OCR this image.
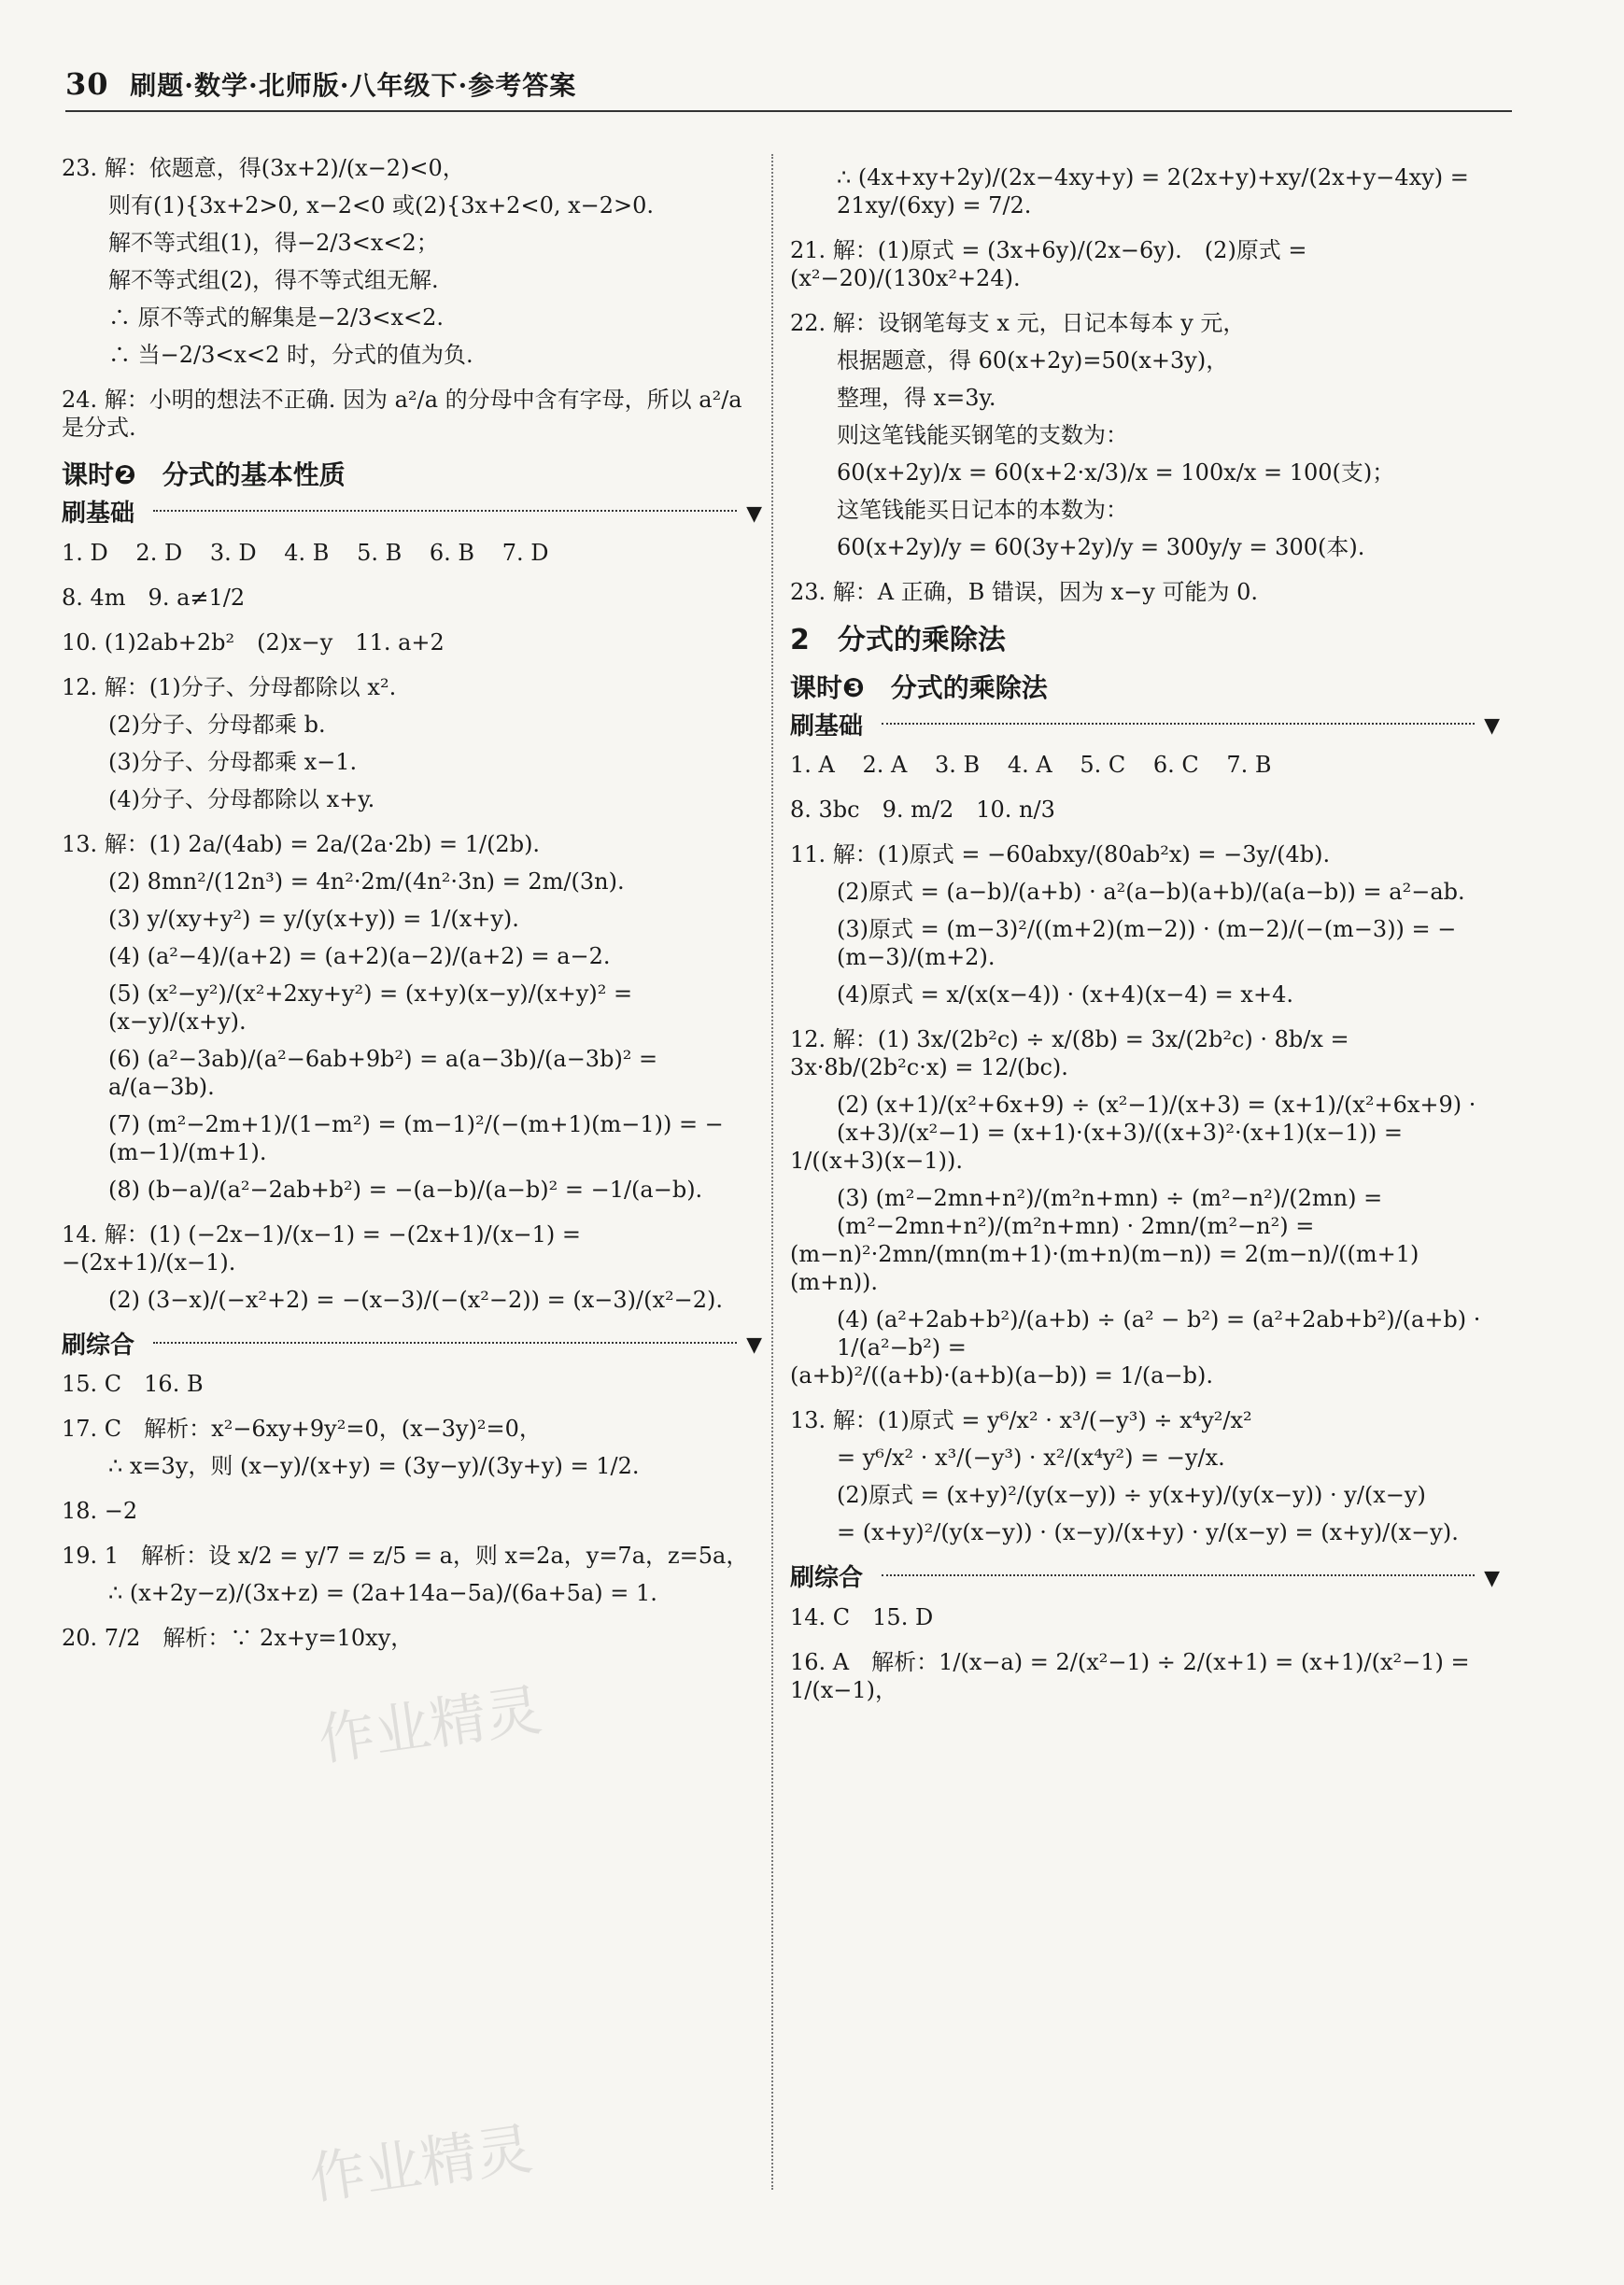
30 刷题·数学·北师版·八年级下·参考答案
作业精灵
作业精灵
23. 解：依题意，得(3x+2)/(x−2)<0，
则有(1){3x+2>0, x−2<0 或(2){3x+2<0, x−2>0.
解不等式组(1)，得−2/3<x<2；
解不等式组(2)，得不等式组无解.
∴ 原不等式的解集是−2/3<x<2.
∴ 当−2/3<x<2 时，分式的值为负.
24. 解：小明的想法不正确. 因为 a²/a 的分母中含有字母，所以 a²/a
是分式.
课时❷　分式的基本性质
刷基础	▼
1. D 2. D 3. D 4. B 5. B 6. B 7. D
8. 4m　9. a≠1/2
10. (1)2ab+2b²　(2)x−y　11. a+2
12. 解：(1)分子、分母都除以 x².
(2)分子、分母都乘 b.
(3)分子、分母都乘 x−1.
(4)分子、分母都除以 x+y.
13. 解：(1) 2a/(4ab) = 2a/(2a·2b) = 1/(2b).
(2) 8mn²/(12n³) = 4n²·2m/(4n²·3n) = 2m/(3n).
(3) y/(xy+y²) = y/(y(x+y)) = 1/(x+y).
(4) (a²−4)/(a+2) = (a+2)(a−2)/(a+2) = a−2.
(5) (x²−y²)/(x²+2xy+y²) = (x+y)(x−y)/(x+y)² = (x−y)/(x+y).
(6) (a²−3ab)/(a²−6ab+9b²) = a(a−3b)/(a−3b)² = a/(a−3b).
(7) (m²−2m+1)/(1−m²) = (m−1)²/(−(m+1)(m−1)) = −(m−1)/(m+1).
(8) (b−a)/(a²−2ab+b²) = −(a−b)/(a−b)² = −1/(a−b).
14. 解：(1) (−2x−1)/(x−1) = −(2x+1)/(x−1) = −(2x+1)/(x−1).
(2) (3−x)/(−x²+2) = −(x−3)/(−(x²−2)) = (x−3)/(x²−2).
刷综合	▼
15. C　16. B
17. C　解析：x²−6xy+9y²=0，(x−3y)²=0，
∴ x=3y，则 (x−y)/(x+y) = (3y−y)/(3y+y) = 1/2.
18. −2
19. 1　解析：设 x/2 = y/7 = z/5 = a，则 x=2a，y=7a，z=5a，
∴ (x+2y−z)/(3x+z) = (2a+14a−5a)/(6a+5a) = 1.
20. 7/2　解析：∵ 2x+y=10xy，
∴ (4x+xy+2y)/(2x−4xy+y) = 2(2x+y)+xy/(2x+y−4xy) = 21xy/(6xy) = 7/2.
21. 解：(1)原式 = (3x+6y)/(2x−6y).　(2)原式 = (x²−20)/(130x²+24).
22. 解：设钢笔每支 x 元，日记本每本 y 元，
根据题意，得 60(x+2y)=50(x+3y)，
整理，得 x=3y.
则这笔钱能买钢笔的支数为：
60(x+2y)/x = 60(x+2·x/3)/x = 100x/x = 100(支)；
这笔钱能买日记本的本数为：
60(x+2y)/y = 60(3y+2y)/y = 300y/y = 300(本).
23. 解：A 正确，B 错误，因为 x−y 可能为 0.
2　分式的乘除法
课时❸　分式的乘除法
刷基础	▼
1. A 2. A 3. B 4. A 5. C 6. C 7. B
8. 3bc　9. m/2　10. n/3
11. 解：(1)原式 = −60abxy/(80ab²x) = −3y/(4b).
(2)原式 = (a−b)/(a+b) · a²(a−b)(a+b)/(a(a−b)) = a²−ab.
(3)原式 = (m−3)²/((m+2)(m−2)) · (m−2)/(−(m−3)) = −(m−3)/(m+2).
(4)原式 = x/(x(x−4)) · (x+4)(x−4) = x+4.
12. 解：(1) 3x/(2b²c) ÷ x/(8b) = 3x/(2b²c) · 8b/x = 3x·8b/(2b²c·x) = 12/(bc).
(2) (x+1)/(x²+6x+9) ÷ (x²−1)/(x+3) = (x+1)/(x²+6x+9) · (x+3)/(x²−1) = (x+1)·(x+3)/((x+3)²·(x+1)(x−1)) =
1/((x+3)(x−1)).
(3) (m²−2mn+n²)/(m²n+mn) ÷ (m²−n²)/(2mn) = (m²−2mn+n²)/(m²n+mn) · 2mn/(m²−n²) =
(m−n)²·2mn/(mn(m+1)·(m+n)(m−n)) = 2(m−n)/((m+1)(m+n)).
(4) (a²+2ab+b²)/(a+b) ÷ (a² − b²) = (a²+2ab+b²)/(a+b) · 1/(a²−b²) =
(a+b)²/((a+b)·(a+b)(a−b)) = 1/(a−b).
13. 解：(1)原式 = y⁶/x² · x³/(−y³) ÷ x⁴y²/x²
= y⁶/x² · x³/(−y³) · x²/(x⁴y²) = −y/x.
(2)原式 = (x+y)²/(y(x−y)) ÷ y(x+y)/(y(x−y)) · y/(x−y)
= (x+y)²/(y(x−y)) · (x−y)/(x+y) · y/(x−y) = (x+y)/(x−y).
刷综合	▼
14. C　15. D
16. A　解析：1/(x−a) = 2/(x²−1) ÷ 2/(x+1) = (x+1)/(x²−1) = 1/(x−1)，
